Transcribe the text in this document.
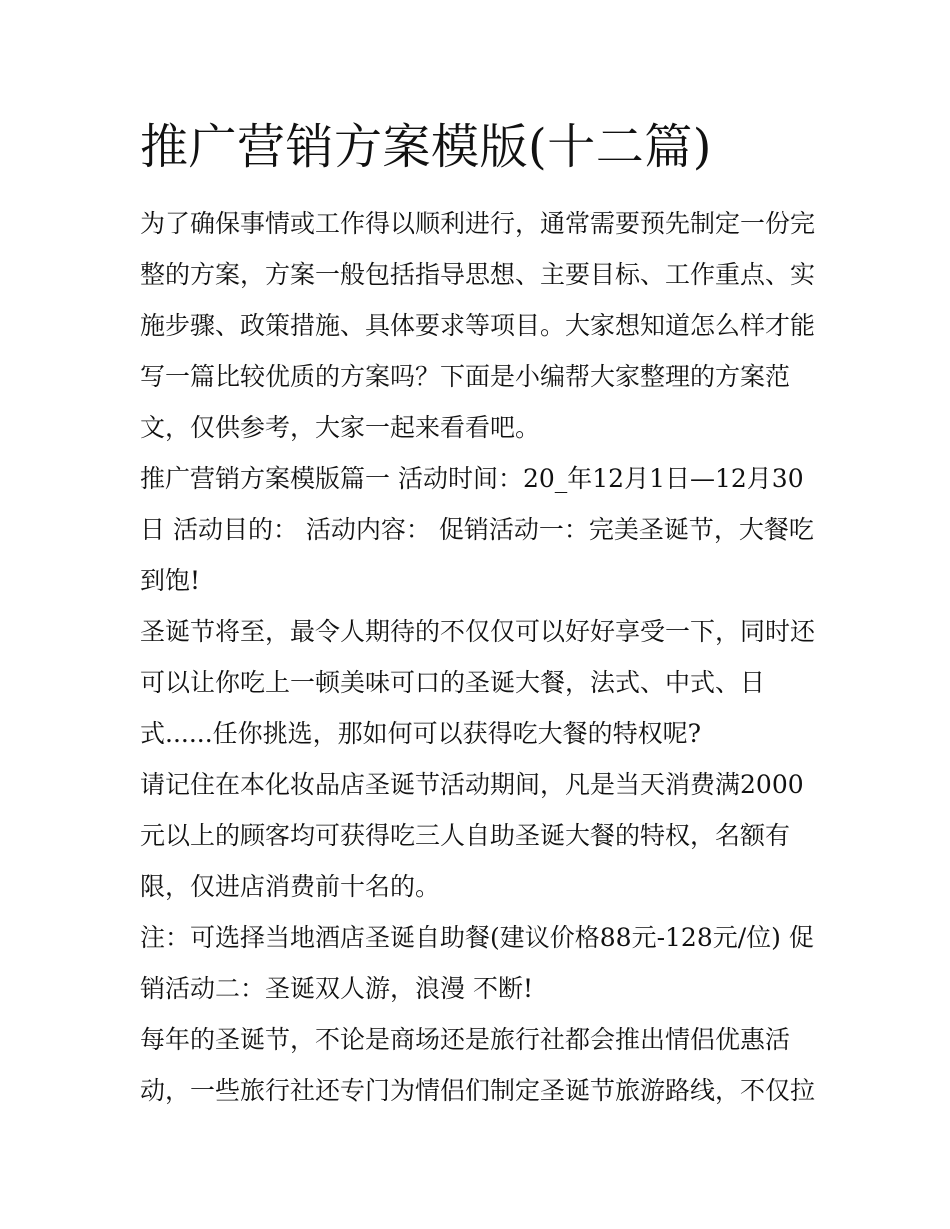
推广营销方案模版(十二篇)

为了确保事情或工作得以顺利进行，通常需要预先制定一份完整的方案，方案一般包括指导思想、主要目标、工作重点、实施步骤、政策措施、具体要求等项目。大家想知道怎么样才能写一篇比较优质的方案吗？下面是小编帮大家整理的方案范文，仅供参考，大家一起来看看吧。

推广营销方案模版篇一 活动时间：20_年12月1日—12月30日 活动目的： 活动内容： 促销活动一：完美圣诞节，大餐吃到饱!

圣诞节将至，最令人期待的不仅仅可以好好享受一下，同时还可以让你吃上一顿美味可口的圣诞大餐，法式、中式、日式......任你挑选，那如何可以获得吃大餐的特权呢?

请记住在本化妆品店圣诞节活动期间，凡是当天消费满2000元以上的顾客均可获得吃三人自助圣诞大餐的特权，名额有限，仅进店消费前十名的。

注：可选择当地酒店圣诞自助餐(建议价格88元-128元/位) 促销活动二：圣诞双人游，浪漫 不断!

每年的圣诞节，不论是商场还是旅行社都会推出情侣优惠活动，一些旅行社还专门为情侣们制定圣诞节旅游路线，不仅拉
